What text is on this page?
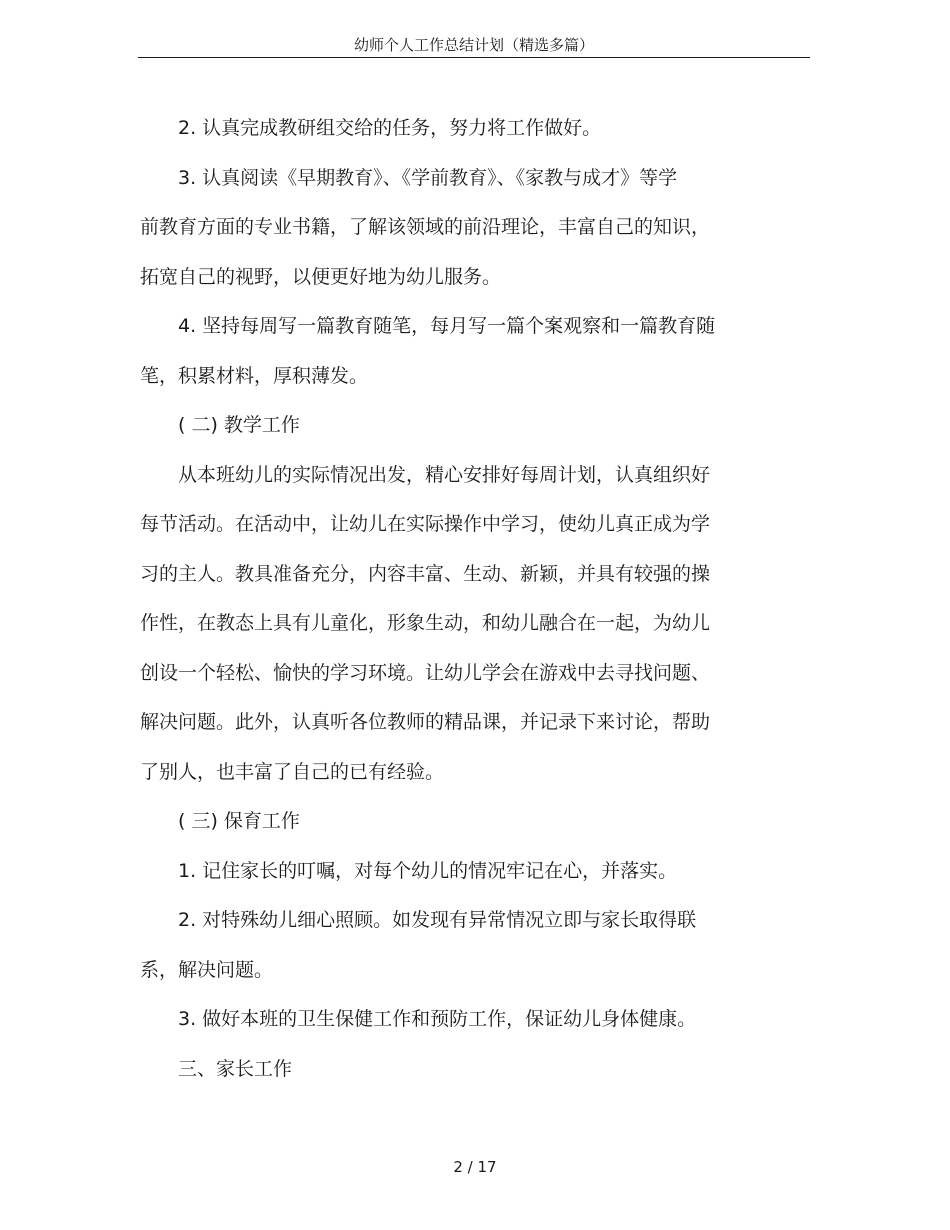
幼师个人工作总结计划（精选多篇）

2. 认真完成教研组交给的任务，努力将工作做好。

3. 认真阅读《早期教育》、《学前教育》、《家教与成才》等学

前教育方面的专业书籍，了解该领域的前沿理论，丰富自己的知识，

拓宽自己的视野，以便更好地为幼儿服务。

4. 坚持每周写一篇教育随笔，每月写一篇个案观察和一篇教育随

笔，积累材料，厚积薄发。

( 二) 教学工作

从本班幼儿的实际情况出发，精心安排好每周计划，认真组织好

每节活动。在活动中，让幼儿在实际操作中学习，使幼儿真正成为学

习的主人。教具准备充分，内容丰富、生动、新颖，并具有较强的操

作性，在教态上具有儿童化，形象生动，和幼儿融合在一起，为幼儿

创设一个轻松、愉快的学习环境。让幼儿学会在游戏中去寻找问题、

解决问题。此外，认真听各位教师的精品课，并记录下来讨论，帮助

了别人，也丰富了自己的已有经验。

( 三) 保育工作

1. 记住家长的叮嘱，对每个幼儿的情况牢记在心，并落实。

2. 对特殊幼儿细心照顾。如发现有异常情况立即与家长取得联

系，解决问题。

3. 做好本班的卫生保健工作和预防工作，保证幼儿身体健康。

三、家长工作

2 / 17
